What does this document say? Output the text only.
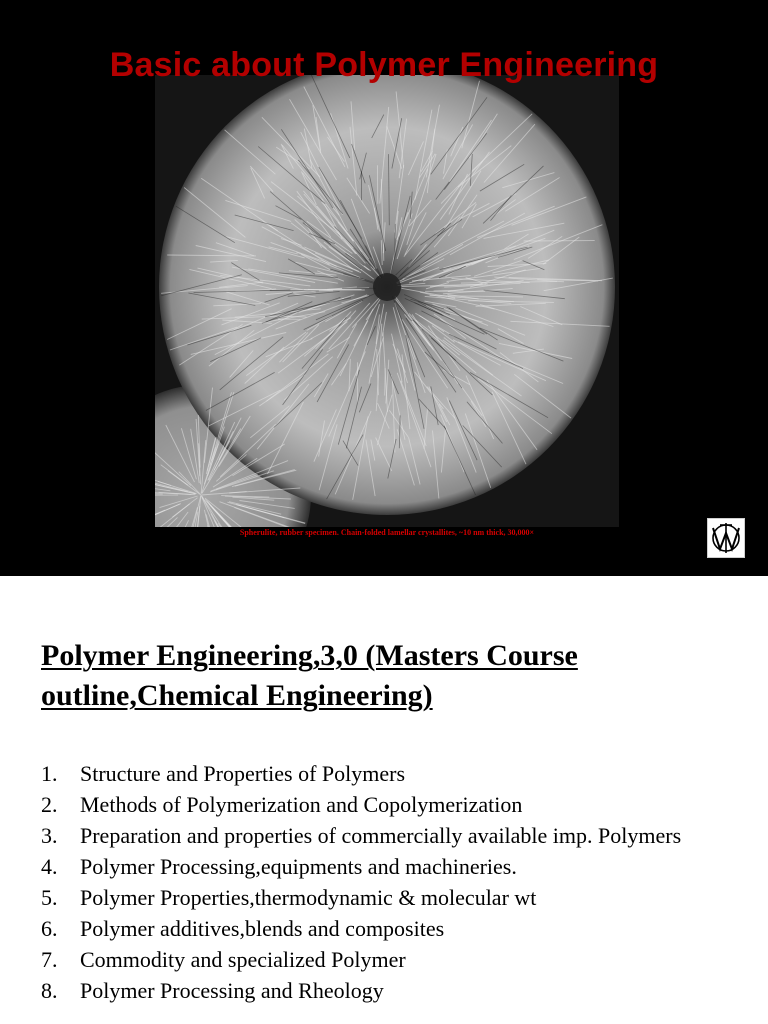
Basic about Polymer Engineering
Spherulite, rubber specimen. Chain-folded lamellar crystallites, ~10 nm thick, 30,000×
Polymer Engineering,3,0 (Masters Course outline,Chemical Engineering)
1. Structure and Properties of Polymers
2. Methods of Polymerization and Copolymerization
3. Preparation and properties of commercially available imp. Polymers
4. Polymer Processing,equipments and machineries.
5. Polymer Properties,thermodynamic & molecular wt
6. Polymer additives,blends and composites
7. Commodity and specialized Polymer
8. Polymer Processing and Rheology
